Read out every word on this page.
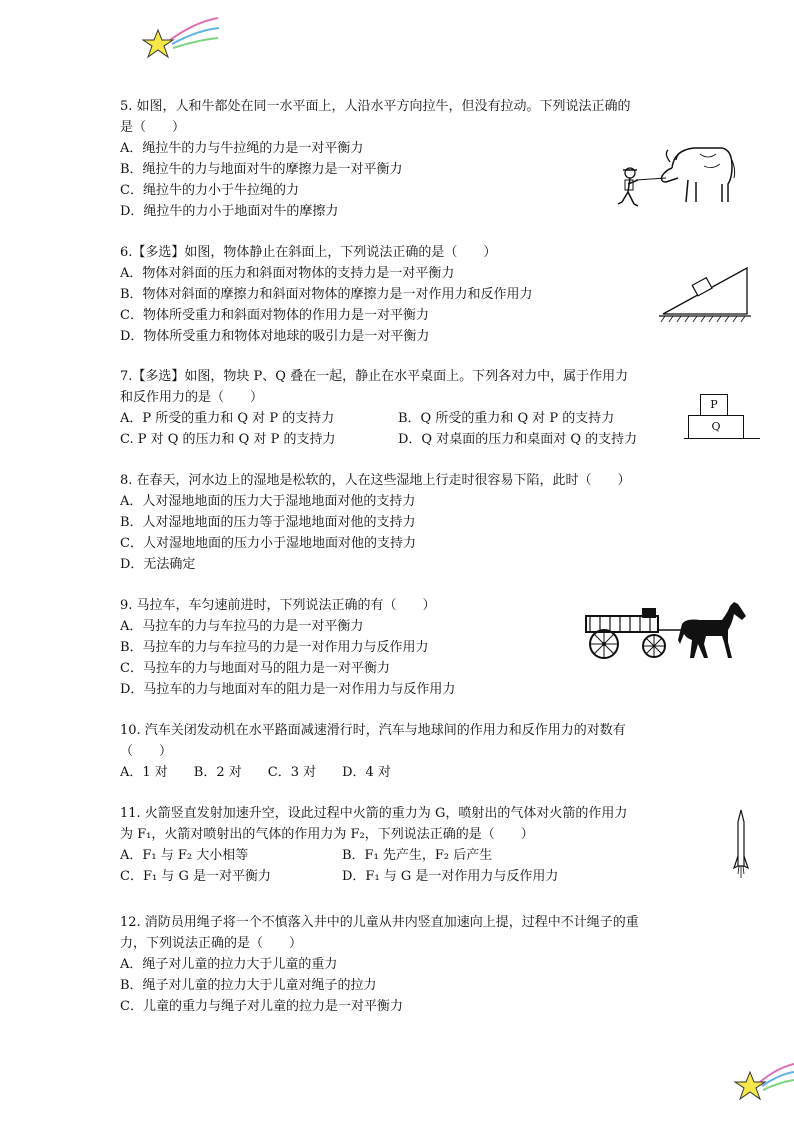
5. 如图，人和牛都处在同一水平面上，人沿水平方向拉牛，但没有拉动。下列说法正确的
是（　　）
A．绳拉牛的力与牛拉绳的力是一对平衡力
B．绳拉牛的力与地面对牛的摩擦力是一对平衡力
C．绳拉牛的力小于牛拉绳的力
D．绳拉牛的力小于地面对牛的摩擦力
6.【多选】如图，物体静止在斜面上，下列说法正确的是（　　）
A．物体对斜面的压力和斜面对物体的支持力是一对平衡力
B．物体对斜面的摩擦力和斜面对物体的摩擦力是一对作用力和反作用力
C．物体所受重力和斜面对物体的作用力是一对平衡力
D．物体所受重力和物体对地球的吸引力是一对平衡力
7.【多选】如图，物块 P、Q 叠在一起，静止在水平桌面上。下列各对力中，属于作用力
和反作用力的是（　　）
A．P 所受的重力和 Q 对 P 的支持力	B．Q 所受的重力和 Q 对 P 的支持力
C. P 对 Q 的压力和 Q 对 P 的支持力	D．Q 对桌面的压力和桌面对 Q 的支持力
P
Q
8. 在春天，河水边上的湿地是松软的，人在这些湿地上行走时很容易下陷，此时（　　）
A．人对湿地地面的压力大于湿地地面对他的支持力
B．人对湿地地面的压力等于湿地地面对他的支持力
C．人对湿地地面的压力小于湿地地面对他的支持力
D．无法确定
9. 马拉车，车匀速前进时，下列说法正确的有（　　）
A．马拉车的力与车拉马的力是一对平衡力
B．马拉车的力与车拉马的力是一对作用力与反作用力
C．马拉车的力与地面对马的阻力是一对平衡力
D．马拉车的力与地面对车的阻力是一对作用力与反作用力
10. 汽车关闭发动机在水平路面减速滑行时，汽车与地球间的作用力和反作用力的对数有
（　　）
A．1 对　　B．2 对　　C．3 对　　D．4 对
11. 火箭竖直发射加速升空，设此过程中火箭的重力为 G，喷射出的气体对火箭的作用力
为 F₁，火箭对喷射出的气体的作用力为 F₂，下列说法正确的是（　　）
A．F₁ 与 F₂ 大小相等	B．F₁ 先产生，F₂ 后产生
C．F₁ 与 G 是一对平衡力	D．F₁ 与 G 是一对作用力与反作用力
12. 消防员用绳子将一个不慎落入井中的儿童从井内竖直加速向上提，过程中不计绳子的重
力，下列说法正确的是（　　）
A．绳子对儿童的拉力大于儿童的重力
B．绳子对儿童的拉力大于儿童对绳子的拉力
C．儿童的重力与绳子对儿童的拉力是一对平衡力
